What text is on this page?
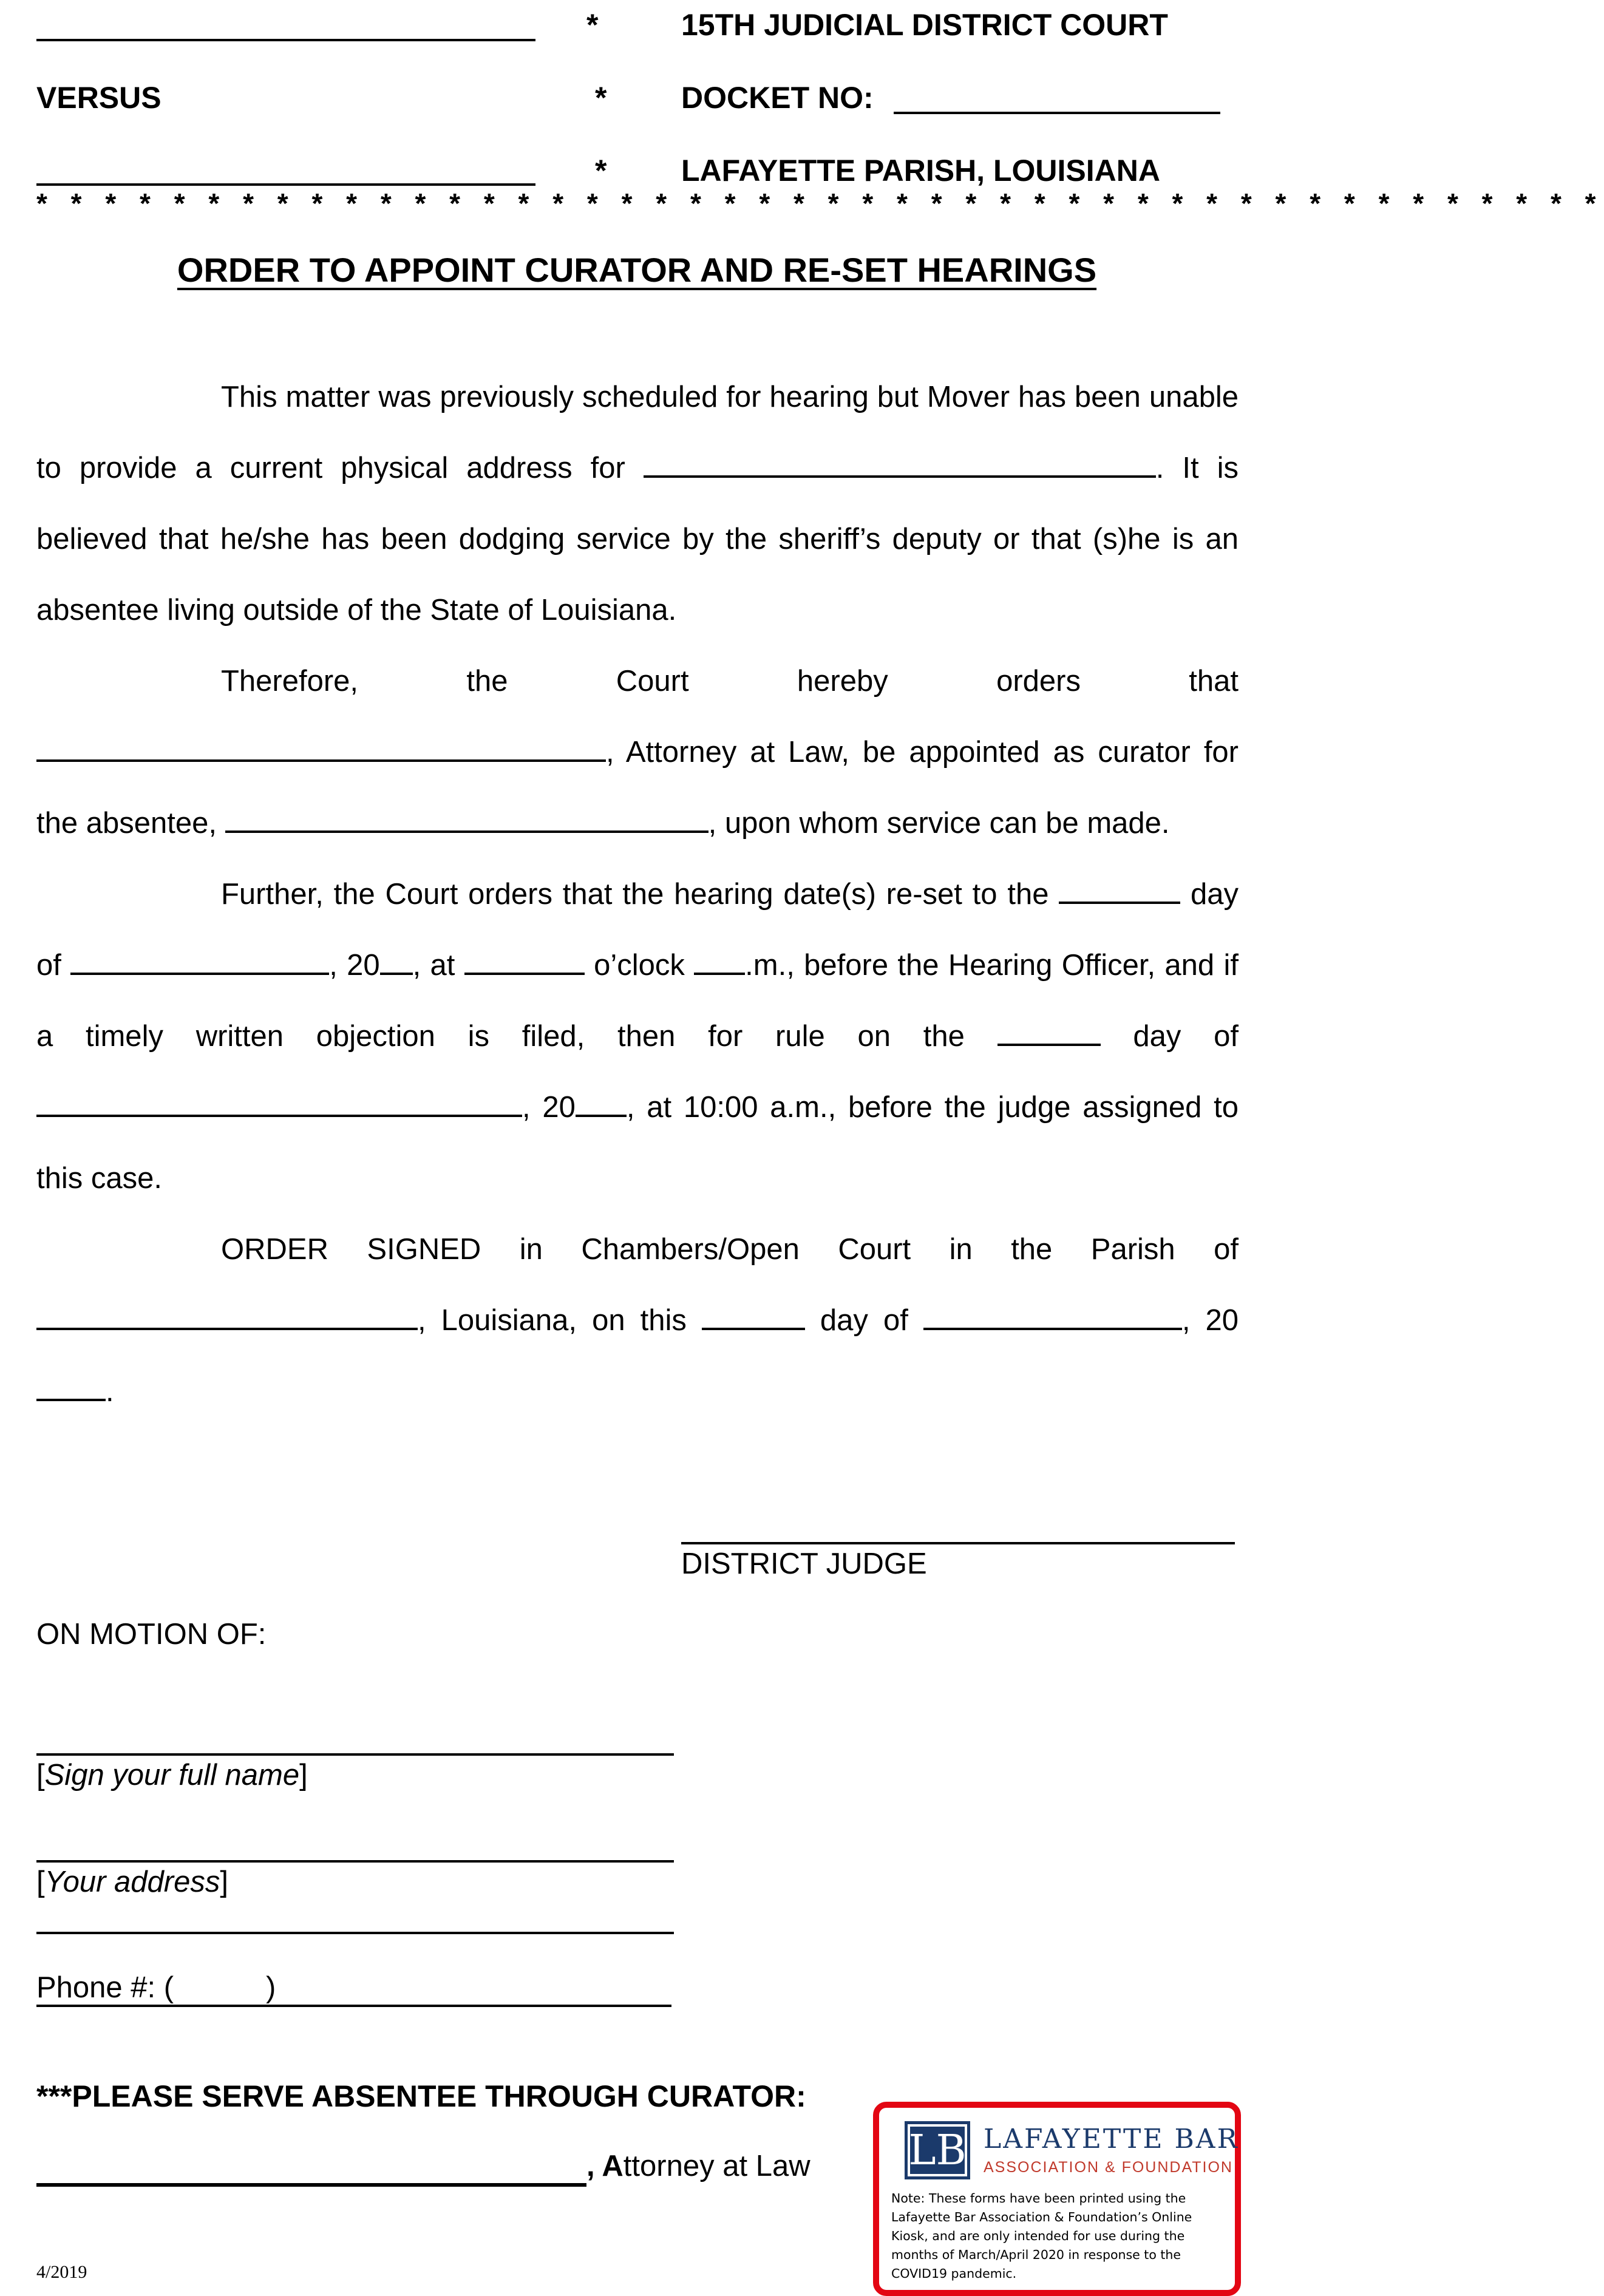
*	15TH JUDICIAL DISTRICT COURT
VERSUS	* DOCKET NO:
* LAFAYETTE PARISH, LOUISIANA
* * * * * * * * * * * * * * * * * * * * * * * * * * * * * * * * * * * * * * * * * * * * * *
ORDER TO APPOINT CURATOR AND RE-SET HEARINGS

This matter was previously scheduled for hearing but Mover has been unable to provide a current physical address for	. It is believed that he/she has been dodging service by the sheriff’s deputy or that (s)he is an absentee living outside of the State of Louisiana.

Therefore, the Court hereby orders that , Attorney at Law, be appointed as curator for the absentee,	, upon whom service can be made.

Further, the Court orders that the hearing date(s) re-set to the	day of	, 20 , at	o’clock .m., before the Hearing Officer, and if a timely written objection is filed, then for rule on the	day of , 20 , at 10:00 a.m., before the judge assigned to this case.

ORDER SIGNED in Chambers/Open Court in the Parish of , Louisiana, on this	day of	, 20.

DISTRICT JUDGE
ON MOTION OF:
[Sign your full name]
[Your address]
Phone #: (	)
***PLEASE SERVE ABSENTEE THROUGH CURATOR:
, Attorney at Law LB LAFAYETTE BAR
ASSOCIATION & FOUNDATION
Note: These forms have been printed using the Lafayette Bar Association & Foundation’s Online Kiosk, and are only intended for use during the months of March/April 2020 in response to the COVID19 pandemic.
4/2019
